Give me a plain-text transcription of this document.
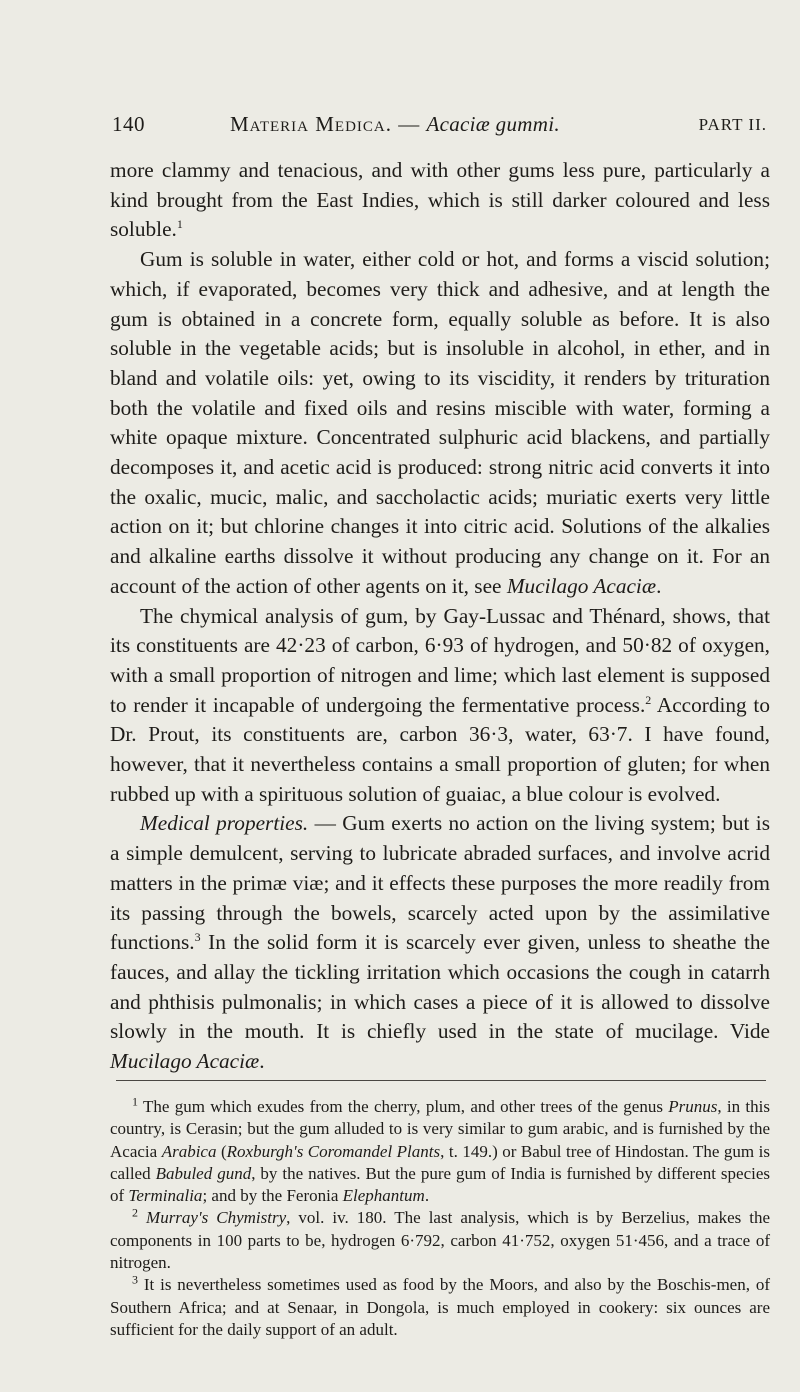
140	Materia Medica. — Acaciæ gummi.	PART II.

more clammy and tenacious, and with other gums less pure, particularly a kind brought from the East Indies, which is still darker coloured and less soluble.$^1$

Gum is soluble in water, either cold or hot, and forms a viscid solution; which, if evaporated, becomes very thick and adhesive, and at length the gum is obtained in a concrete form, equally soluble as before. It is also soluble in the vegetable acids; but is insoluble in alcohol, in ether, and in bland and volatile oils: yet, owing to its viscidity, it renders by trituration both the volatile and fixed oils and resins miscible with water, forming a white opaque mixture. Concentrated sulphuric acid blackens, and partially decomposes it, and acetic acid is produced: strong nitric acid converts it into the oxalic, mucic, malic, and saccholactic acids; muriatic exerts very little action on it; but chlorine changes it into citric acid. Solutions of the alkalies and alkaline earths dissolve it without producing any change on it. For an account of the action of other agents on it, see Mucilago Acaciæ.

The chymical analysis of gum, by Gay-Lussac and Thénard, shows, that its constituents are 42·23 of carbon, 6·93 of hydrogen, and 50·82 of oxygen, with a small proportion of nitrogen and lime; which last element is supposed to render it incapable of undergoing the fermentative process.$^2$ According to Dr. Prout, its constituents are, carbon 36·3, water, 63·7. I have found, however, that it nevertheless contains a small proportion of gluten; for when rubbed up with a spirituous solution of guaiac, a blue colour is evolved.

Medical properties. — Gum exerts no action on the living system; but is a simple demulcent, serving to lubricate abraded surfaces, and involve acrid matters in the primæ viæ; and it effects these purposes the more readily from its passing through the bowels, scarcely acted upon by the assimilative functions.$^3$ In the solid form it is scarcely ever given, unless to sheathe the fauces, and allay the tickling irritation which occasions the cough in catarrh and phthisis pulmonalis; in which cases a piece of it is allowed to dissolve slowly in the mouth. It is chiefly used in the state of mucilage. Vide Mucilago Acaciæ.

$^1$ The gum which exudes from the cherry, plum, and other trees of the genus Prunus, in this country, is Cerasin; but the gum alluded to is very similar to gum arabic, and is furnished by the Acacia Arabica (Roxburgh's Coromandel Plants, t. 149.) or Babul tree of Hindostan. The gum is called Babuled gund, by the natives. But the pure gum of India is furnished by different species of Terminalia; and by the Feronia Elephantum.

$^2$ Murray's Chymistry, vol. iv. 180. The last analysis, which is by Berzelius, makes the components in 100 parts to be, hydrogen 6·792, carbon 41·752, oxygen 51·456, and a trace of nitrogen.

$^3$ It is nevertheless sometimes used as food by the Moors, and also by the Boschis-men, of Southern Africa; and at Senaar, in Dongola, is much employed in cookery: six ounces are sufficient for the daily support of an adult.
